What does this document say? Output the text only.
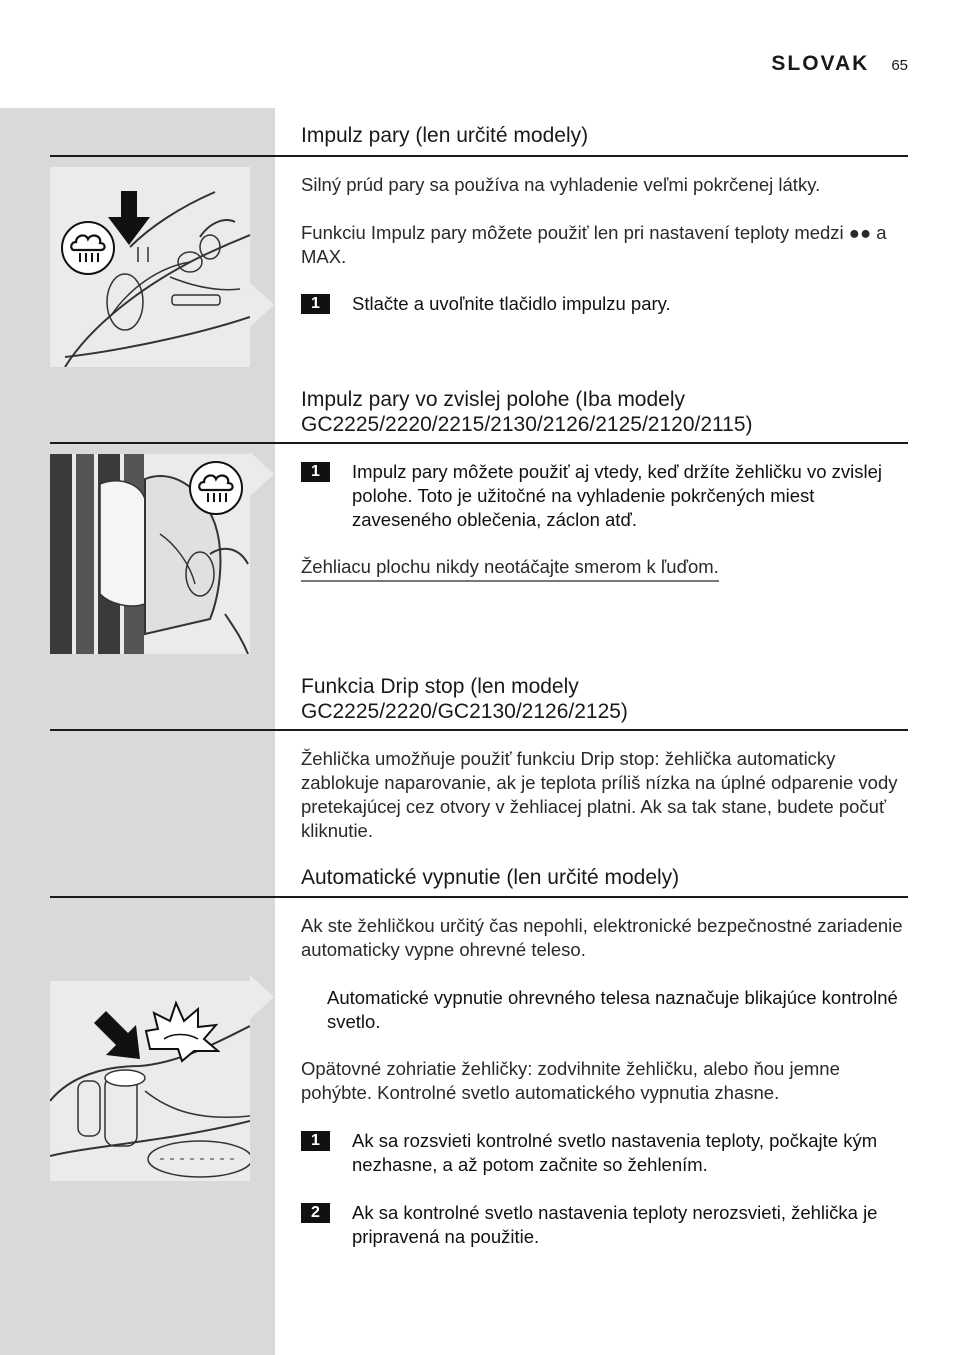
SLOVAK 65
Impulz pary (len určité modely)
Silný prúd pary sa používa na vyhladenie veľmi pokrčenej látky.
Funkciu Impulz pary môžete použiť len pri nastavení teploty medzi ●● a MAX.
1	Stlačte a uvoľnite tlačidlo impulzu pary.
Impulz pary vo zvislej polohe (Iba modely GC2225/2220/2215/2130/2126/2125/2120/2115)
1	Impulz pary môžete použiť aj vtedy, keď držíte žehličku vo zvislej polohe. Toto je užitočné na vyhladenie pokrčených miest zaveseného oblečenia, záclon atď.
Žehliacu plochu nikdy neotáčajte smerom k ľuďom.
Funkcia Drip stop (len modely GC2225/2220/GC2130/2126/2125)
Žehlička umožňuje použiť funkciu Drip stop: žehlička automaticky zablokuje naparovanie, ak je teplota príliš nízka na úplné odparenie vody pretekajúcej cez otvory v žehliacej platni. Ak sa tak stane, budete počuť kliknutie.
Automatické vypnutie (len určité modely)
Ak ste žehličkou určitý čas nepohli, elektronické bezpečnostné zariadenie automaticky vypne ohrevné teleso.
Automatické vypnutie ohrevného telesa naznačuje blikajúce kontrolné svetlo.
Opätovné zohriatie žehličky: zodvihnite žehličku, alebo ňou jemne pohýbte. Kontrolné svetlo automatického vypnutia zhasne.
1	Ak sa rozsvieti kontrolné svetlo nastavenia teploty, počkajte kým nezhasne, a až potom začnite so žehlením.
2	Ak sa kontrolné svetlo nastavenia teploty nerozsvieti, žehlička je pripravená na použitie.
